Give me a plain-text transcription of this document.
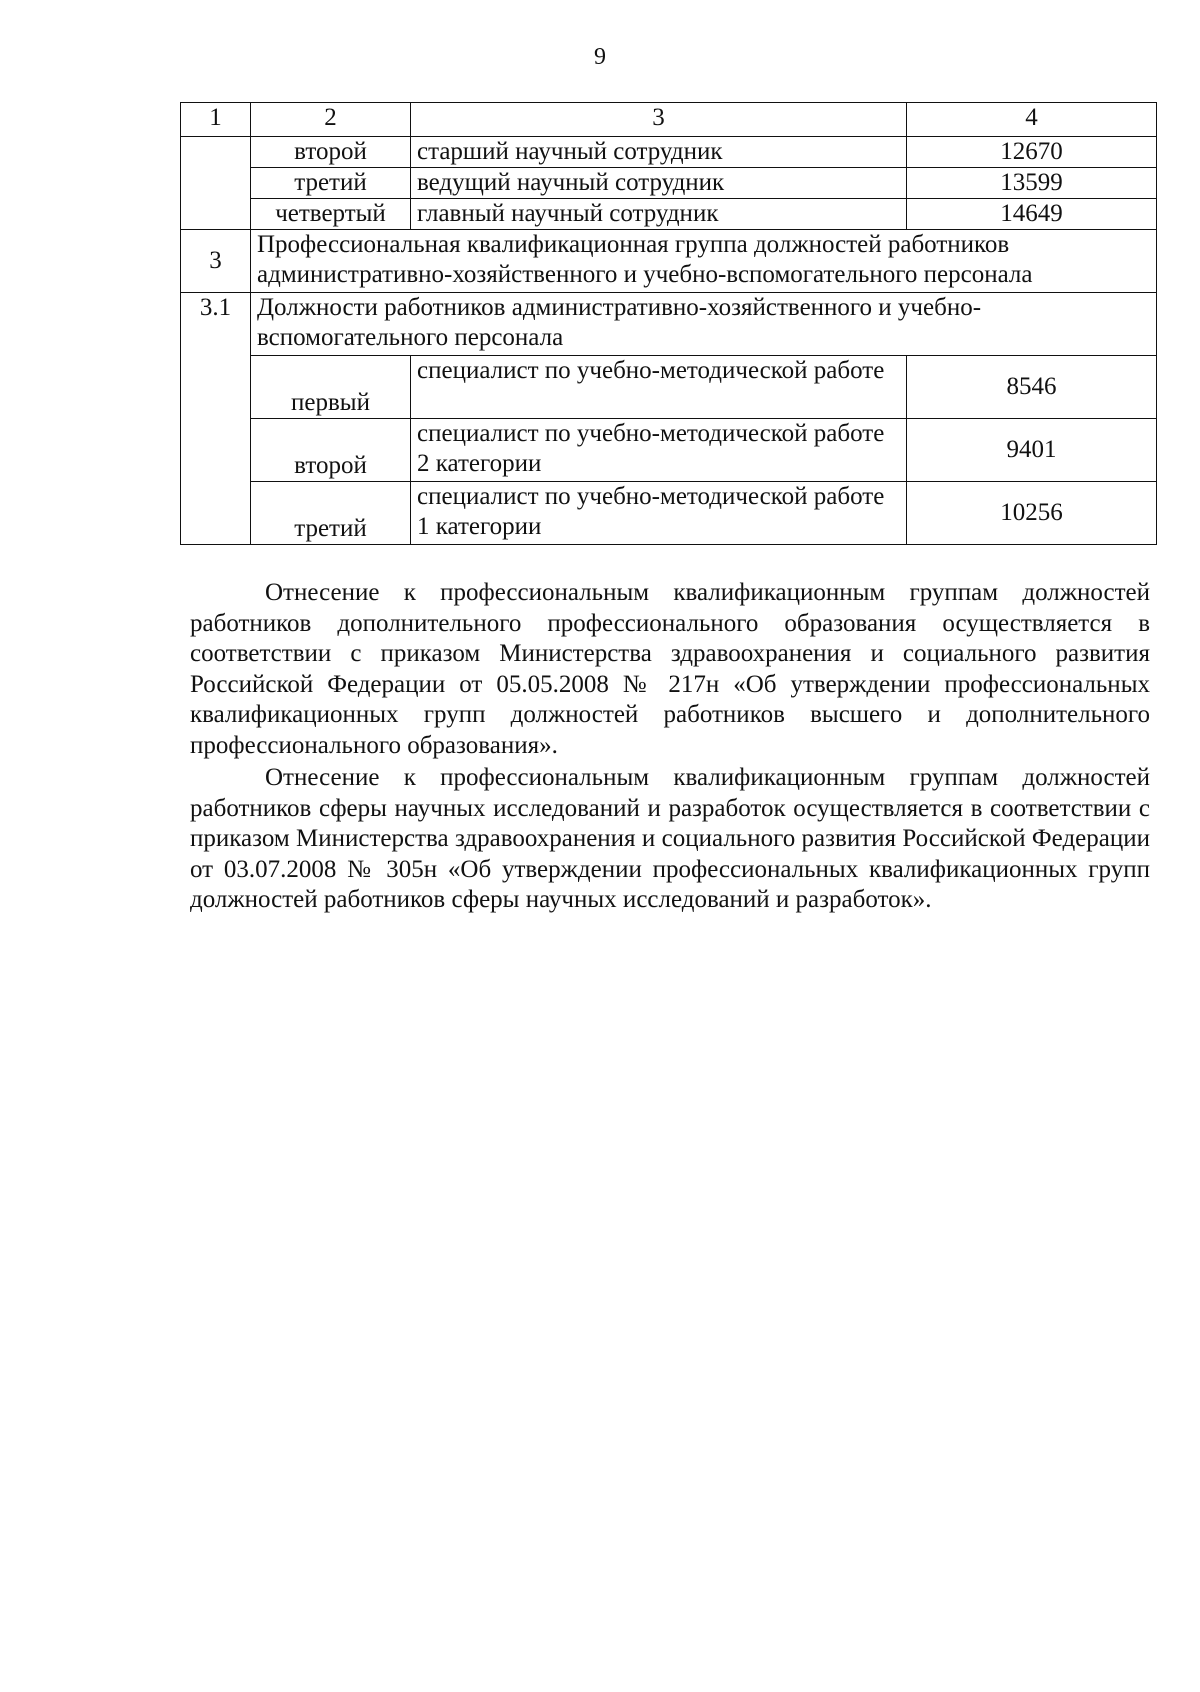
9
1	2	3	4
	второй	старший научный сотрудник	12670
	третий	ведущий научный сотрудник	13599
	четвертый	главный научный сотрудник	14649
3	Профессиональная квалификационная группа должностей работников административно-хозяйственного и учебно-вспомогательного персонала		
3.1	Должности работников административно-хозяйственного и учебно-вспомогательного персонала		
	первый	специалист по учебно-методической работе	8546
	второй	специалист по учебно-методической работе 2 категории	9401
	третий	специалист по учебно-методической работе 1 категории	10256

Отнесение к профессиональным квалификационным группам должностей работников дополнительного профессионального образования осуществляется в соответствии с приказом Министерства здравоохранения и социального развития Российской Федерации от 05.05.2008 № 217н «Об утверждении профессиональных квалификационных групп должностей работников высшего и дополнительного профессионального образования».

Отнесение к профессиональным квалификационным группам должностей работников сферы научных исследований и разработок осуществляется в соответствии с приказом Министерства здравоохранения и социального развития Российской Федерации от 03.07.2008 № 305н «Об утверждении профессиональных квалификационных групп должностей работников сферы научных исследований и разработок».
